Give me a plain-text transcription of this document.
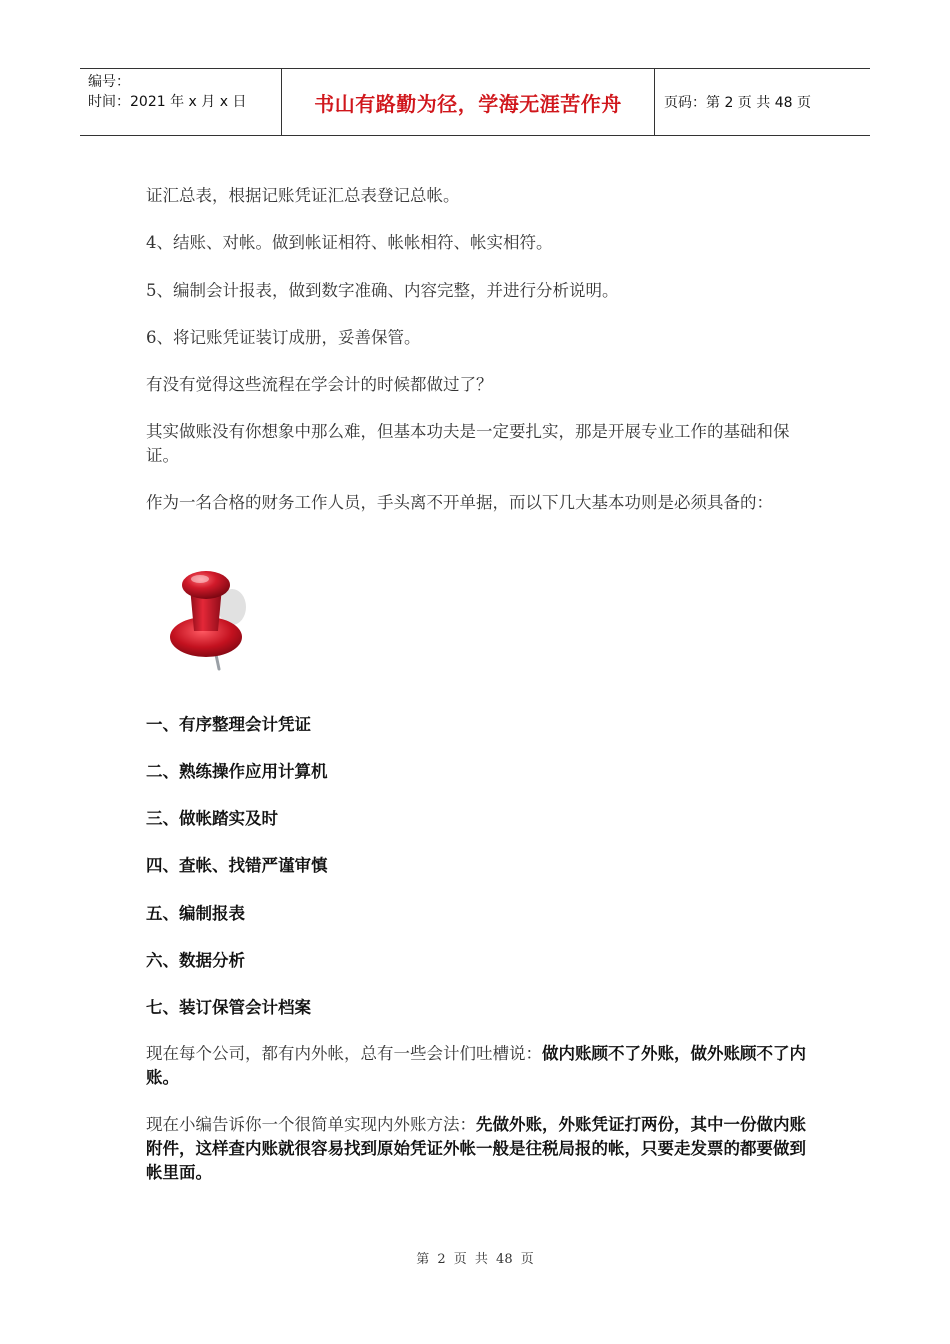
编号：
时间：2021 年 x 月 x 日	书山有路勤为径，学海无涯苦作舟	页码：第 2 页 共 48 页

证汇总表，根据记账凭证汇总表登记总帐。

4、结账、对帐。做到帐证相符、帐帐相符、帐实相符。

5、编制会计报表，做到数字准确、内容完整，并进行分析说明。

6、将记账凭证装订成册，妥善保管。

有没有觉得这些流程在学会计的时候都做过了？

其实做账没有你想象中那么难，但基本功夫是一定要扎实，那是开展专业工作的基础和保证。

作为一名合格的财务工作人员，手头离不开单据，而以下几大基本功则是必须具备的：

一、有序整理会计凭证
二、熟练操作应用计算机
三、做帐踏实及时
四、查帐、找错严谨审慎
五、编制报表
六、数据分析
七、装订保管会计档案

现在每个公司，都有内外帐，总有一些会计们吐槽说：做内账顾不了外账，做外账顾不了内账。

现在小编告诉你一个很简单实现内外账方法：先做外账，外账凭证打两份，其中一份做内账附件，这样查内账就很容易找到原始凭证外帐一般是往税局报的帐，只要走发票的都要做到帐里面。

第 2 页 共 48 页
